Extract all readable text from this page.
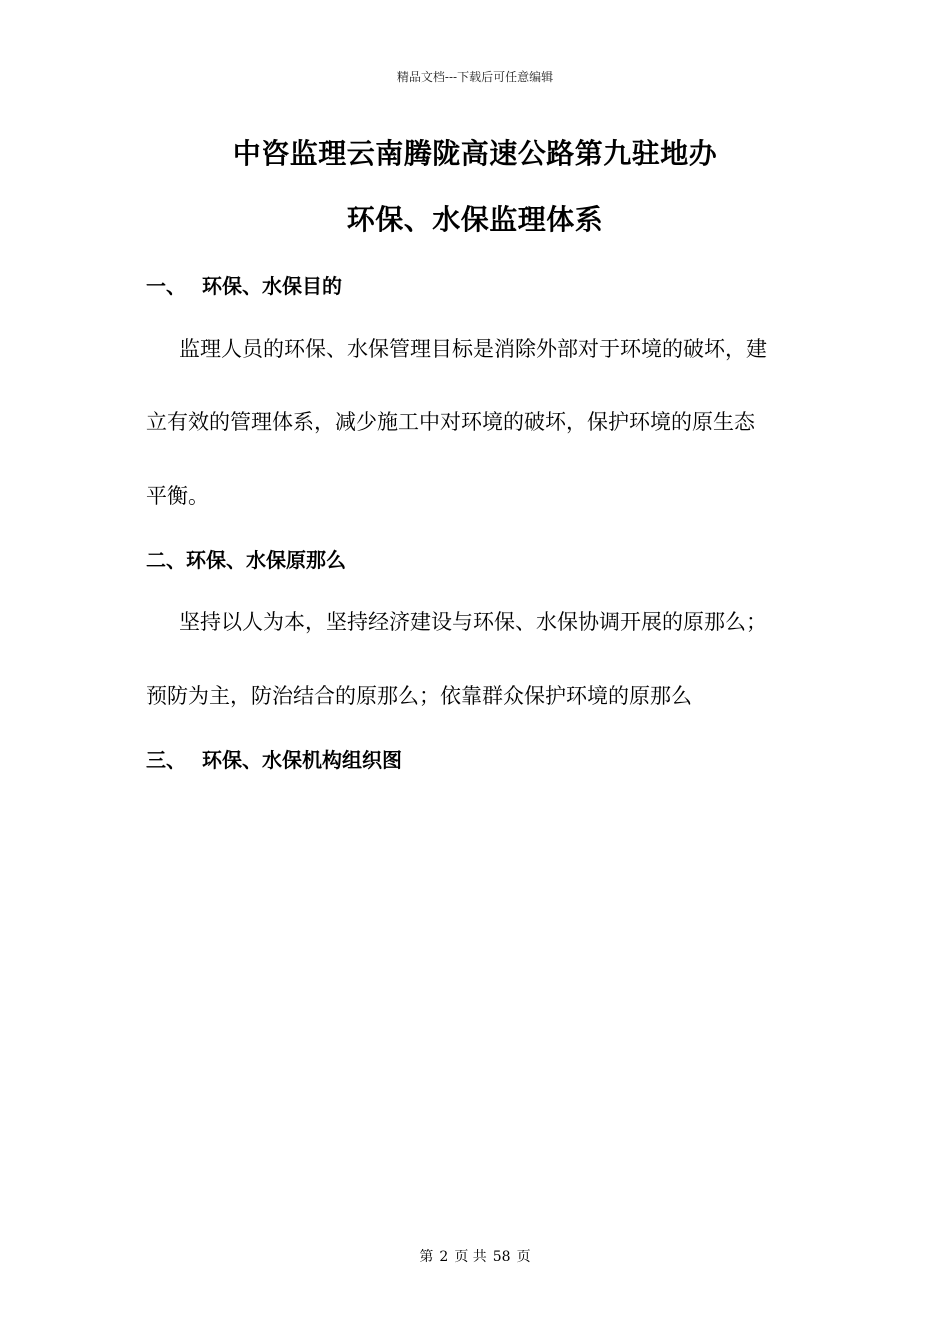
精品文档---下载后可任意编辑
中咨监理云南腾陇高速公路第九驻地办
环保、水保监理体系
一、 环保、水保目的
监理人员的环保、水保管理目标是消除外部对于环境的破坏，建
立有效的管理体系，减少施工中对环境的破坏，保护环境的原生态
平衡。
二、环保、水保原那么
坚持以人为本，坚持经济建设与环保、水保协调开展的原那么；
预防为主，防治结合的原那么；依靠群众保护环境的原那么
三、 环保、水保机构组织图
第 2 页 共 58 页
